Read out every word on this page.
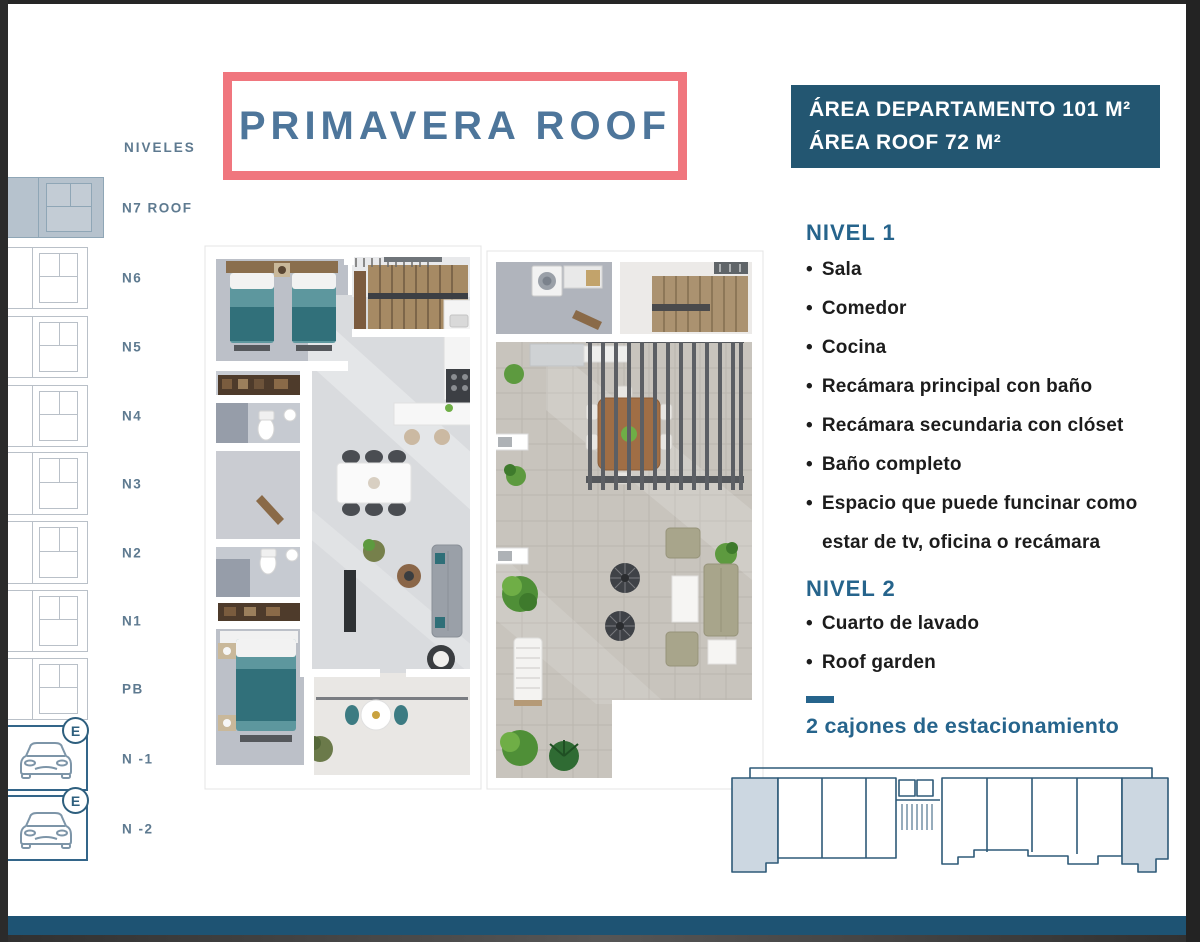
PRIMAVERA ROOF	ÁREA DEPARTAMENTO 101 M²
ÁREA ROOF 72 M²
NIVELES
N7 ROOF
N6
N5
N4
N3
N2
N1
PB
E
N -1
E
N -2
NIVEL 1
• Sala
• Comedor
• Cocina
• Recámara principal con baño
• Recámara secundaria con clóset
• Baño completo
• Espacio que puede funcinar como estar de tv, oficina o recámara
NIVEL 2
• Cuarto de lavado
• Roof garden
2 cajones de estacionamiento
